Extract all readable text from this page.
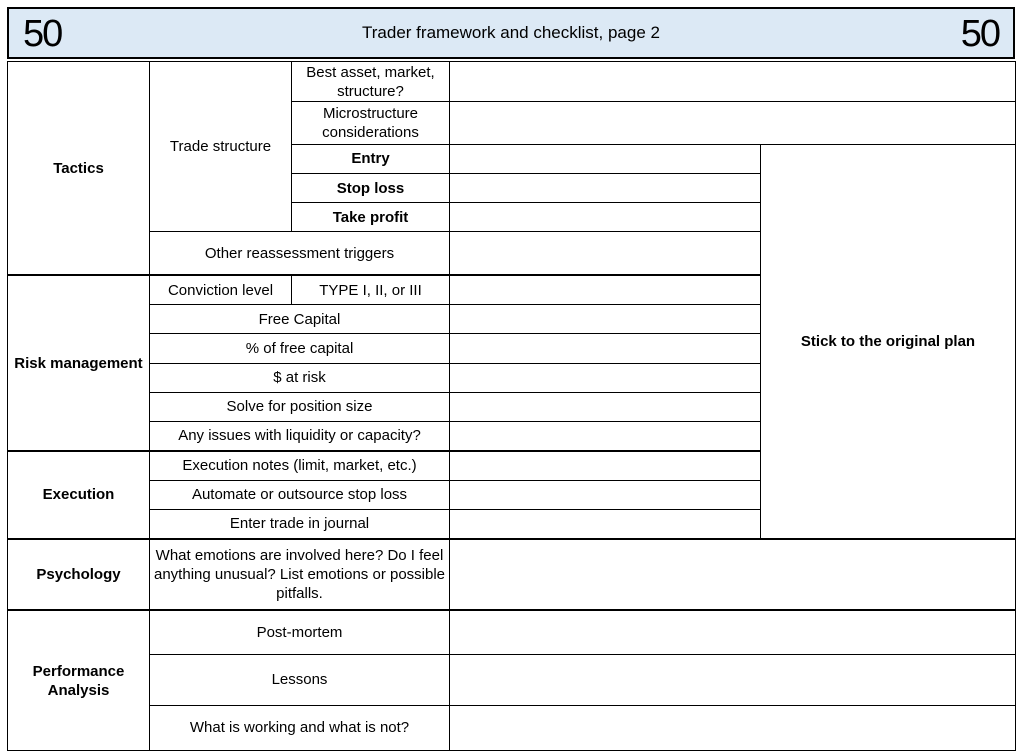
50	Trader framework and checklist, page 2	50
Tactics	Trade structure	Best asset, market, structure?		
		Microstructure considerations		
		Entry		Stick to the original plan
		Stop loss		
		Take profit		
	Other reassessment triggers			
Risk management	Conviction level	TYPE I, II, or III		
	Free Capital			
	% of free capital			
	$ at risk			
	Solve for position size			
	Any issues with liquidity or capacity?			
Execution	Execution notes (limit, market, etc.)			
	Automate or outsource stop loss			
	Enter trade in journal			
Psychology	What emotions are involved here? Do I feel anything unusual? List emotions or possible pitfalls.			
Performance Analysis	Post-mortem			
	Lessons			
	What is working and what is not?			
